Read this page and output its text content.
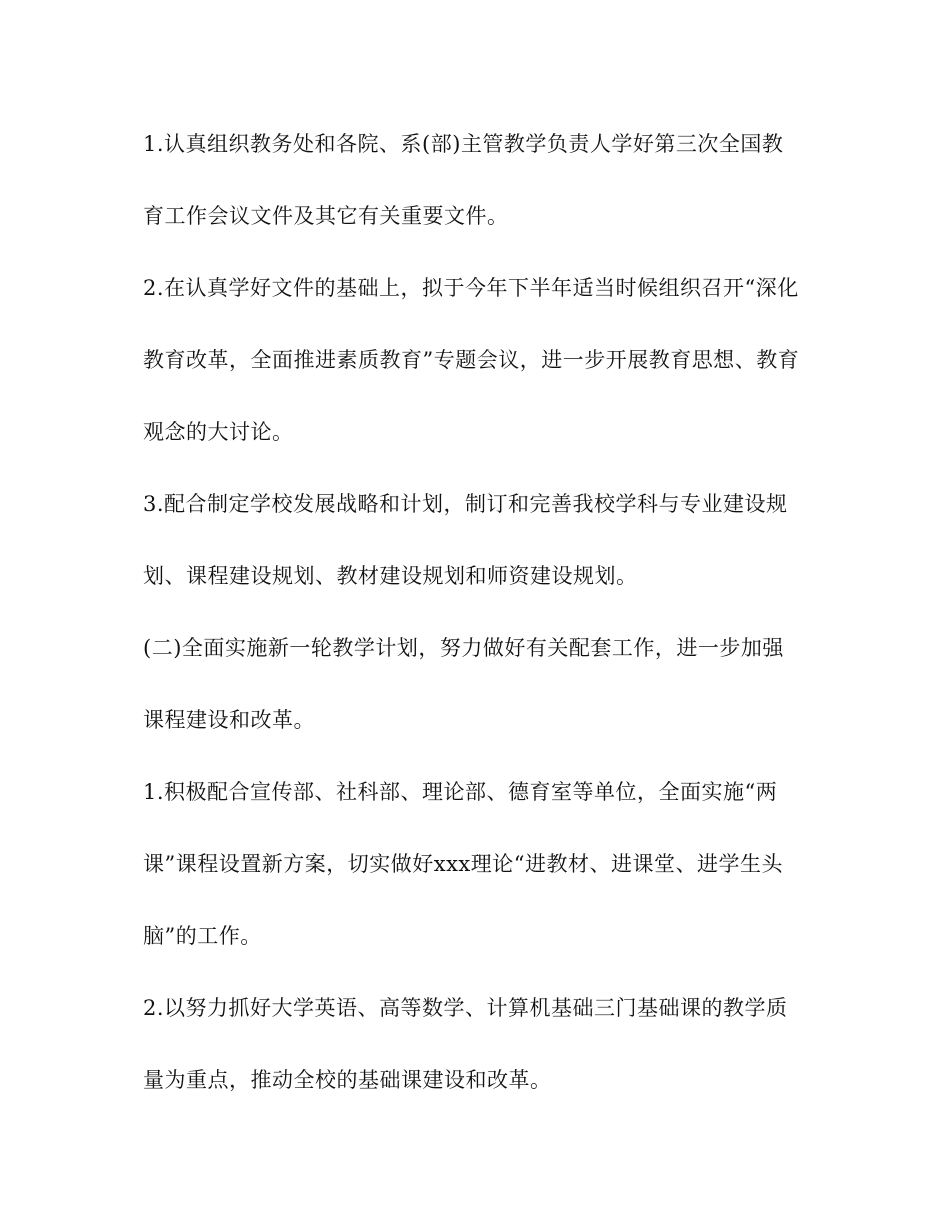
1.认真组织教务处和各院、系(部)主管教学负责人学好第三次全国教
育工作会议文件及其它有关重要文件。
2.在认真学好文件的基础上，拟于今年下半年适当时候组织召开“深化
教育改革，全面推进素质教育”专题会议，进一步开展教育思想、教育
观念的大讨论。
3.配合制定学校发展战略和计划，制订和完善我校学科与专业建设规
划、课程建设规划、教材建设规划和师资建设规划。
(二)全面实施新一轮教学计划，努力做好有关配套工作，进一步加强
课程建设和改革。
1.积极配合宣传部、社科部、理论部、德育室等单位，全面实施“两
课”课程设置新方案，切实做好xxx理论“进教材、进课堂、进学生头
脑”的工作。
2.以努力抓好大学英语、高等数学、计算机基础三门基础课的教学质
量为重点，推动全校的基础课建设和改革。
